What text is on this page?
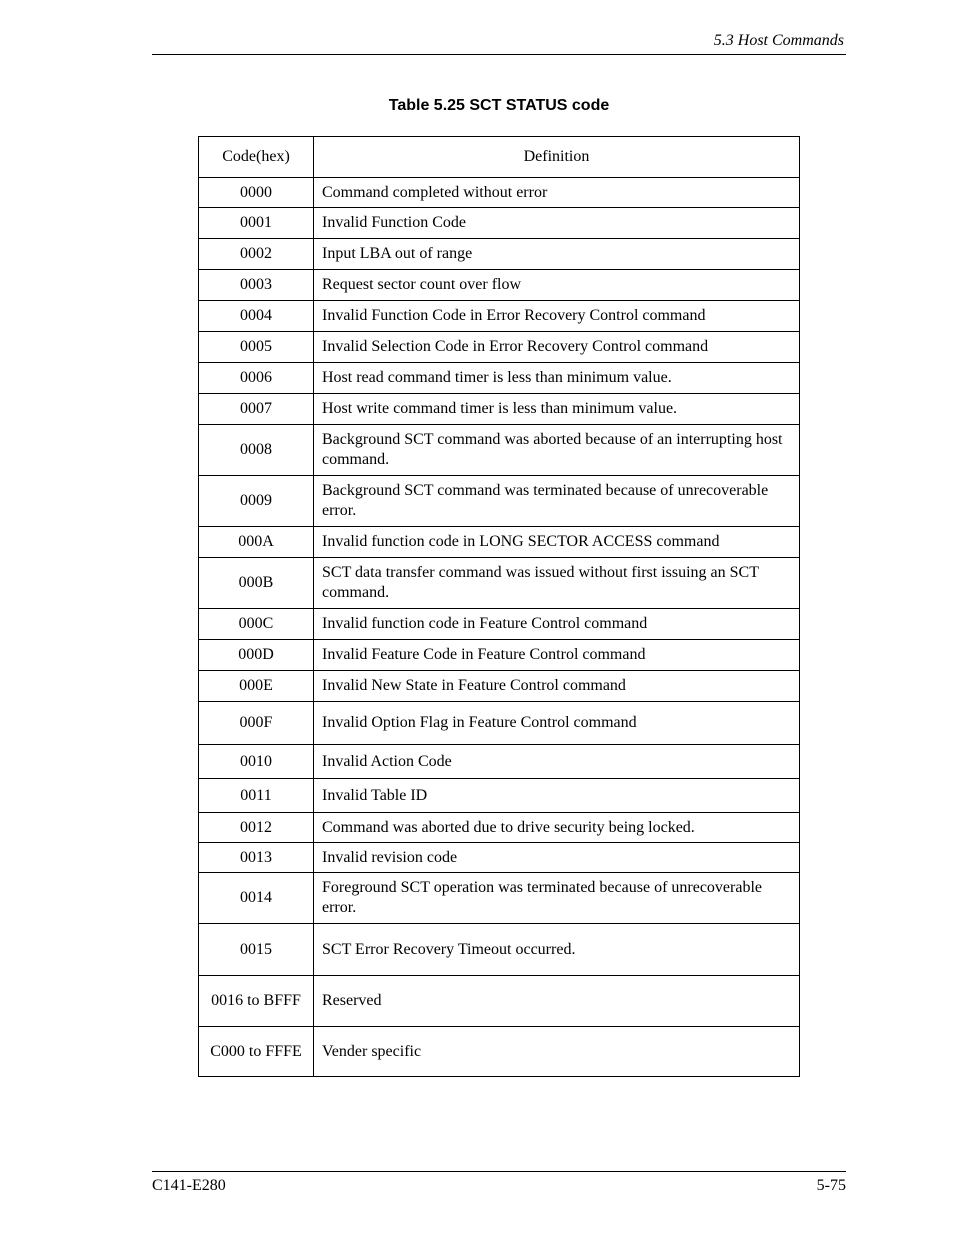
5.3 Host Commands
Table 5.25 SCT STATUS code
Code(hex)	Definition
0000	Command completed without error
0001	Invalid Function Code
0002	Input LBA out of range
0003	Request sector count over flow
0004	Invalid Function Code in Error Recovery Control command
0005	Invalid Selection Code in Error Recovery Control command
0006	Host read command timer is less than minimum value.
0007	Host write command timer is less than minimum value.
0008	Background SCT command was aborted because of an interrupting host command.
0009	Background SCT command was terminated because of unrecoverable error.
000A	Invalid function code in LONG SECTOR ACCESS command
000B	SCT data transfer command was issued without first issuing an SCT command.
000C	Invalid function code in Feature Control command
000D	Invalid Feature Code in Feature Control command
000E	Invalid New State in Feature Control command
000F	Invalid Option Flag in Feature Control command
0010	Invalid Action Code
0011	Invalid Table ID
0012	Command was aborted due to drive security being locked.
0013	Invalid revision code
0014	Foreground SCT operation was terminated because of unrecoverable error.
0015	SCT Error Recovery Timeout occurred.
0016 to BFFF	Reserved
C000 to FFFE	Vender specific
C141-E280	5-75
